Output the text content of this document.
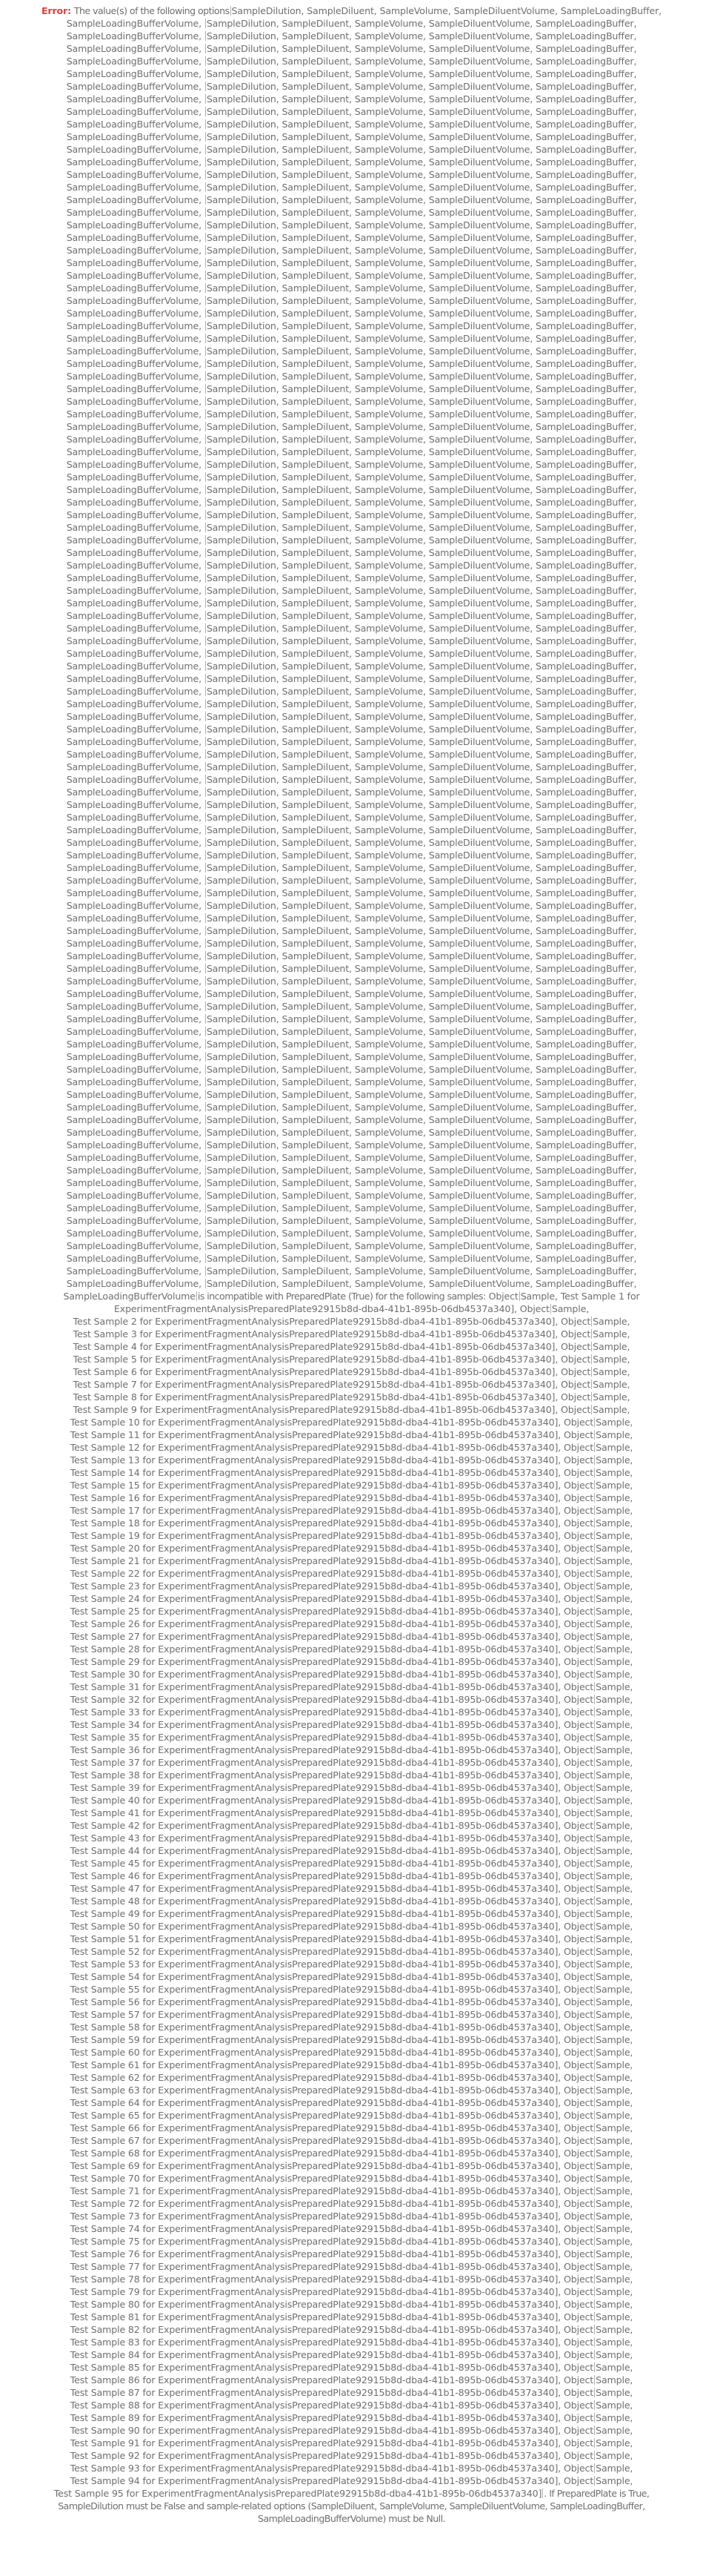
Error: The value(s) of the following options SampleDilution, SampleDiluent, SampleVolume, SampleDiluentVolume, SampleLoadingBuffer,
SampleLoadingBufferVolume, SampleDilution, SampleDiluent, SampleVolume, SampleDiluentVolume, SampleLoadingBuffer,
SampleLoadingBufferVolume, SampleDilution, SampleDiluent, SampleVolume, SampleDiluentVolume, SampleLoadingBuffer,
SampleLoadingBufferVolume, SampleDilution, SampleDiluent, SampleVolume, SampleDiluentVolume, SampleLoadingBuffer,
SampleLoadingBufferVolume, SampleDilution, SampleDiluent, SampleVolume, SampleDiluentVolume, SampleLoadingBuffer,
SampleLoadingBufferVolume, SampleDilution, SampleDiluent, SampleVolume, SampleDiluentVolume, SampleLoadingBuffer,
SampleLoadingBufferVolume, SampleDilution, SampleDiluent, SampleVolume, SampleDiluentVolume, SampleLoadingBuffer,
SampleLoadingBufferVolume, SampleDilution, SampleDiluent, SampleVolume, SampleDiluentVolume, SampleLoadingBuffer,
SampleLoadingBufferVolume, SampleDilution, SampleDiluent, SampleVolume, SampleDiluentVolume, SampleLoadingBuffer,
SampleLoadingBufferVolume, SampleDilution, SampleDiluent, SampleVolume, SampleDiluentVolume, SampleLoadingBuffer,
SampleLoadingBufferVolume, SampleDilution, SampleDiluent, SampleVolume, SampleDiluentVolume, SampleLoadingBuffer,
SampleLoadingBufferVolume, SampleDilution, SampleDiluent, SampleVolume, SampleDiluentVolume, SampleLoadingBuffer,
SampleLoadingBufferVolume, SampleDilution, SampleDiluent, SampleVolume, SampleDiluentVolume, SampleLoadingBuffer,
SampleLoadingBufferVolume, SampleDilution, SampleDiluent, SampleVolume, SampleDiluentVolume, SampleLoadingBuffer,
SampleLoadingBufferVolume, SampleDilution, SampleDiluent, SampleVolume, SampleDiluentVolume, SampleLoadingBuffer,
SampleLoadingBufferVolume, SampleDilution, SampleDiluent, SampleVolume, SampleDiluentVolume, SampleLoadingBuffer,
SampleLoadingBufferVolume, SampleDilution, SampleDiluent, SampleVolume, SampleDiluentVolume, SampleLoadingBuffer,
SampleLoadingBufferVolume, SampleDilution, SampleDiluent, SampleVolume, SampleDiluentVolume, SampleLoadingBuffer,
SampleLoadingBufferVolume, SampleDilution, SampleDiluent, SampleVolume, SampleDiluentVolume, SampleLoadingBuffer,
SampleLoadingBufferVolume, SampleDilution, SampleDiluent, SampleVolume, SampleDiluentVolume, SampleLoadingBuffer,
SampleLoadingBufferVolume, SampleDilution, SampleDiluent, SampleVolume, SampleDiluentVolume, SampleLoadingBuffer,
SampleLoadingBufferVolume, SampleDilution, SampleDiluent, SampleVolume, SampleDiluentVolume, SampleLoadingBuffer,
SampleLoadingBufferVolume, SampleDilution, SampleDiluent, SampleVolume, SampleDiluentVolume, SampleLoadingBuffer,
SampleLoadingBufferVolume, SampleDilution, SampleDiluent, SampleVolume, SampleDiluentVolume, SampleLoadingBuffer,
SampleLoadingBufferVolume, SampleDilution, SampleDiluent, SampleVolume, SampleDiluentVolume, SampleLoadingBuffer,
SampleLoadingBufferVolume, SampleDilution, SampleDiluent, SampleVolume, SampleDiluentVolume, SampleLoadingBuffer,
SampleLoadingBufferVolume, SampleDilution, SampleDiluent, SampleVolume, SampleDiluentVolume, SampleLoadingBuffer,
SampleLoadingBufferVolume, SampleDilution, SampleDiluent, SampleVolume, SampleDiluentVolume, SampleLoadingBuffer,
SampleLoadingBufferVolume, SampleDilution, SampleDiluent, SampleVolume, SampleDiluentVolume, SampleLoadingBuffer,
SampleLoadingBufferVolume, SampleDilution, SampleDiluent, SampleVolume, SampleDiluentVolume, SampleLoadingBuffer,
SampleLoadingBufferVolume, SampleDilution, SampleDiluent, SampleVolume, SampleDiluentVolume, SampleLoadingBuffer,
SampleLoadingBufferVolume, SampleDilution, SampleDiluent, SampleVolume, SampleDiluentVolume, SampleLoadingBuffer,
SampleLoadingBufferVolume, SampleDilution, SampleDiluent, SampleVolume, SampleDiluentVolume, SampleLoadingBuffer,
SampleLoadingBufferVolume, SampleDilution, SampleDiluent, SampleVolume, SampleDiluentVolume, SampleLoadingBuffer,
SampleLoadingBufferVolume, SampleDilution, SampleDiluent, SampleVolume, SampleDiluentVolume, SampleLoadingBuffer,
SampleLoadingBufferVolume, SampleDilution, SampleDiluent, SampleVolume, SampleDiluentVolume, SampleLoadingBuffer,
SampleLoadingBufferVolume, SampleDilution, SampleDiluent, SampleVolume, SampleDiluentVolume, SampleLoadingBuffer,
SampleLoadingBufferVolume, SampleDilution, SampleDiluent, SampleVolume, SampleDiluentVolume, SampleLoadingBuffer,
SampleLoadingBufferVolume, SampleDilution, SampleDiluent, SampleVolume, SampleDiluentVolume, SampleLoadingBuffer,
SampleLoadingBufferVolume, SampleDilution, SampleDiluent, SampleVolume, SampleDiluentVolume, SampleLoadingBuffer,
SampleLoadingBufferVolume, SampleDilution, SampleDiluent, SampleVolume, SampleDiluentVolume, SampleLoadingBuffer,
SampleLoadingBufferVolume, SampleDilution, SampleDiluent, SampleVolume, SampleDiluentVolume, SampleLoadingBuffer,
SampleLoadingBufferVolume, SampleDilution, SampleDiluent, SampleVolume, SampleDiluentVolume, SampleLoadingBuffer,
SampleLoadingBufferVolume, SampleDilution, SampleDiluent, SampleVolume, SampleDiluentVolume, SampleLoadingBuffer,
SampleLoadingBufferVolume, SampleDilution, SampleDiluent, SampleVolume, SampleDiluentVolume, SampleLoadingBuffer,
SampleLoadingBufferVolume, SampleDilution, SampleDiluent, SampleVolume, SampleDiluentVolume, SampleLoadingBuffer,
SampleLoadingBufferVolume, SampleDilution, SampleDiluent, SampleVolume, SampleDiluentVolume, SampleLoadingBuffer,
SampleLoadingBufferVolume, SampleDilution, SampleDiluent, SampleVolume, SampleDiluentVolume, SampleLoadingBuffer,
SampleLoadingBufferVolume, SampleDilution, SampleDiluent, SampleVolume, SampleDiluentVolume, SampleLoadingBuffer,
SampleLoadingBufferVolume, SampleDilution, SampleDiluent, SampleVolume, SampleDiluentVolume, SampleLoadingBuffer,
SampleLoadingBufferVolume, SampleDilution, SampleDiluent, SampleVolume, SampleDiluentVolume, SampleLoadingBuffer,
SampleLoadingBufferVolume, SampleDilution, SampleDiluent, SampleVolume, SampleDiluentVolume, SampleLoadingBuffer,
SampleLoadingBufferVolume, SampleDilution, SampleDiluent, SampleVolume, SampleDiluentVolume, SampleLoadingBuffer,
SampleLoadingBufferVolume, SampleDilution, SampleDiluent, SampleVolume, SampleDiluentVolume, SampleLoadingBuffer,
SampleLoadingBufferVolume, SampleDilution, SampleDiluent, SampleVolume, SampleDiluentVolume, SampleLoadingBuffer,
SampleLoadingBufferVolume, SampleDilution, SampleDiluent, SampleVolume, SampleDiluentVolume, SampleLoadingBuffer,
SampleLoadingBufferVolume, SampleDilution, SampleDiluent, SampleVolume, SampleDiluentVolume, SampleLoadingBuffer,
SampleLoadingBufferVolume, SampleDilution, SampleDiluent, SampleVolume, SampleDiluentVolume, SampleLoadingBuffer,
SampleLoadingBufferVolume, SampleDilution, SampleDiluent, SampleVolume, SampleDiluentVolume, SampleLoadingBuffer,
SampleLoadingBufferVolume, SampleDilution, SampleDiluent, SampleVolume, SampleDiluentVolume, SampleLoadingBuffer,
SampleLoadingBufferVolume, SampleDilution, SampleDiluent, SampleVolume, SampleDiluentVolume, SampleLoadingBuffer,
SampleLoadingBufferVolume, SampleDilution, SampleDiluent, SampleVolume, SampleDiluentVolume, SampleLoadingBuffer,
SampleLoadingBufferVolume, SampleDilution, SampleDiluent, SampleVolume, SampleDiluentVolume, SampleLoadingBuffer,
SampleLoadingBufferVolume, SampleDilution, SampleDiluent, SampleVolume, SampleDiluentVolume, SampleLoadingBuffer,
SampleLoadingBufferVolume, SampleDilution, SampleDiluent, SampleVolume, SampleDiluentVolume, SampleLoadingBuffer,
SampleLoadingBufferVolume, SampleDilution, SampleDiluent, SampleVolume, SampleDiluentVolume, SampleLoadingBuffer,
SampleLoadingBufferVolume, SampleDilution, SampleDiluent, SampleVolume, SampleDiluentVolume, SampleLoadingBuffer,
SampleLoadingBufferVolume, SampleDilution, SampleDiluent, SampleVolume, SampleDiluentVolume, SampleLoadingBuffer,
SampleLoadingBufferVolume, SampleDilution, SampleDiluent, SampleVolume, SampleDiluentVolume, SampleLoadingBuffer,
SampleLoadingBufferVolume, SampleDilution, SampleDiluent, SampleVolume, SampleDiluentVolume, SampleLoadingBuffer,
SampleLoadingBufferVolume, SampleDilution, SampleDiluent, SampleVolume, SampleDiluentVolume, SampleLoadingBuffer,
SampleLoadingBufferVolume, SampleDilution, SampleDiluent, SampleVolume, SampleDiluentVolume, SampleLoadingBuffer,
SampleLoadingBufferVolume, SampleDilution, SampleDiluent, SampleVolume, SampleDiluentVolume, SampleLoadingBuffer,
SampleLoadingBufferVolume, SampleDilution, SampleDiluent, SampleVolume, SampleDiluentVolume, SampleLoadingBuffer,
SampleLoadingBufferVolume, SampleDilution, SampleDiluent, SampleVolume, SampleDiluentVolume, SampleLoadingBuffer,
SampleLoadingBufferVolume, SampleDilution, SampleDiluent, SampleVolume, SampleDiluentVolume, SampleLoadingBuffer,
SampleLoadingBufferVolume, SampleDilution, SampleDiluent, SampleVolume, SampleDiluentVolume, SampleLoadingBuffer,
SampleLoadingBufferVolume, SampleDilution, SampleDiluent, SampleVolume, SampleDiluentVolume, SampleLoadingBuffer,
SampleLoadingBufferVolume, SampleDilution, SampleDiluent, SampleVolume, SampleDiluentVolume, SampleLoadingBuffer,
SampleLoadingBufferVolume, SampleDilution, SampleDiluent, SampleVolume, SampleDiluentVolume, SampleLoadingBuffer,
SampleLoadingBufferVolume, SampleDilution, SampleDiluent, SampleVolume, SampleDiluentVolume, SampleLoadingBuffer,
SampleLoadingBufferVolume, SampleDilution, SampleDiluent, SampleVolume, SampleDiluentVolume, SampleLoadingBuffer,
SampleLoadingBufferVolume, SampleDilution, SampleDiluent, SampleVolume, SampleDiluentVolume, SampleLoadingBuffer,
SampleLoadingBufferVolume, SampleDilution, SampleDiluent, SampleVolume, SampleDiluentVolume, SampleLoadingBuffer,
SampleLoadingBufferVolume, SampleDilution, SampleDiluent, SampleVolume, SampleDiluentVolume, SampleLoadingBuffer,
SampleLoadingBufferVolume, SampleDilution, SampleDiluent, SampleVolume, SampleDiluentVolume, SampleLoadingBuffer,
SampleLoadingBufferVolume, SampleDilution, SampleDiluent, SampleVolume, SampleDiluentVolume, SampleLoadingBuffer,
SampleLoadingBufferVolume, SampleDilution, SampleDiluent, SampleVolume, SampleDiluentVolume, SampleLoadingBuffer,
SampleLoadingBufferVolume, SampleDilution, SampleDiluent, SampleVolume, SampleDiluentVolume, SampleLoadingBuffer,
SampleLoadingBufferVolume, SampleDilution, SampleDiluent, SampleVolume, SampleDiluentVolume, SampleLoadingBuffer,
SampleLoadingBufferVolume, SampleDilution, SampleDiluent, SampleVolume, SampleDiluentVolume, SampleLoadingBuffer,
SampleLoadingBufferVolume, SampleDilution, SampleDiluent, SampleVolume, SampleDiluentVolume, SampleLoadingBuffer,
SampleLoadingBufferVolume, SampleDilution, SampleDiluent, SampleVolume, SampleDiluentVolume, SampleLoadingBuffer,
SampleLoadingBufferVolume, SampleDilution, SampleDiluent, SampleVolume, SampleDiluentVolume, SampleLoadingBuffer,
SampleLoadingBufferVolume, SampleDilution, SampleDiluent, SampleVolume, SampleDiluentVolume, SampleLoadingBuffer,
SampleLoadingBufferVolume, SampleDilution, SampleDiluent, SampleVolume, SampleDiluentVolume, SampleLoadingBuffer,
SampleLoadingBufferVolume, SampleDilution, SampleDiluent, SampleVolume, SampleDiluentVolume, SampleLoadingBuffer,
SampleLoadingBufferVolume, SampleDilution, SampleDiluent, SampleVolume, SampleDiluentVolume, SampleLoadingBuffer,
SampleLoadingBufferVolume, SampleDilution, SampleDiluent, SampleVolume, SampleDiluentVolume, SampleLoadingBuffer,
SampleLoadingBufferVolume, SampleDilution, SampleDiluent, SampleVolume, SampleDiluentVolume, SampleLoadingBuffer,
SampleLoadingBufferVolume, SampleDilution, SampleDiluent, SampleVolume, SampleDiluentVolume, SampleLoadingBuffer,
SampleLoadingBufferVolume, SampleDilution, SampleDiluent, SampleVolume, SampleDiluentVolume, SampleLoadingBuffer,
SampleLoadingBufferVolume is incompatible with PreparedPlate (True) for the following samples: Object Sample, Test Sample 1 for
ExperimentFragmentAnalysisPreparedPlate92915b8d-dba4-41b1-895b-06db4537a340], Object Sample,
Test Sample 2 for ExperimentFragmentAnalysisPreparedPlate92915b8d-dba4-41b1-895b-06db4537a340], Object Sample,
Test Sample 3 for ExperimentFragmentAnalysisPreparedPlate92915b8d-dba4-41b1-895b-06db4537a340], Object Sample,
Test Sample 4 for ExperimentFragmentAnalysisPreparedPlate92915b8d-dba4-41b1-895b-06db4537a340], Object Sample,
Test Sample 5 for ExperimentFragmentAnalysisPreparedPlate92915b8d-dba4-41b1-895b-06db4537a340], Object Sample,
Test Sample 6 for ExperimentFragmentAnalysisPreparedPlate92915b8d-dba4-41b1-895b-06db4537a340], Object Sample,
Test Sample 7 for ExperimentFragmentAnalysisPreparedPlate92915b8d-dba4-41b1-895b-06db4537a340], Object Sample,
Test Sample 8 for ExperimentFragmentAnalysisPreparedPlate92915b8d-dba4-41b1-895b-06db4537a340], Object Sample,
Test Sample 9 for ExperimentFragmentAnalysisPreparedPlate92915b8d-dba4-41b1-895b-06db4537a340], Object Sample,
Test Sample 10 for ExperimentFragmentAnalysisPreparedPlate92915b8d-dba4-41b1-895b-06db4537a340], Object Sample,
Test Sample 11 for ExperimentFragmentAnalysisPreparedPlate92915b8d-dba4-41b1-895b-06db4537a340], Object Sample,
Test Sample 12 for ExperimentFragmentAnalysisPreparedPlate92915b8d-dba4-41b1-895b-06db4537a340], Object Sample,
Test Sample 13 for ExperimentFragmentAnalysisPreparedPlate92915b8d-dba4-41b1-895b-06db4537a340], Object Sample,
Test Sample 14 for ExperimentFragmentAnalysisPreparedPlate92915b8d-dba4-41b1-895b-06db4537a340], Object Sample,
Test Sample 15 for ExperimentFragmentAnalysisPreparedPlate92915b8d-dba4-41b1-895b-06db4537a340], Object Sample,
Test Sample 16 for ExperimentFragmentAnalysisPreparedPlate92915b8d-dba4-41b1-895b-06db4537a340], Object Sample,
Test Sample 17 for ExperimentFragmentAnalysisPreparedPlate92915b8d-dba4-41b1-895b-06db4537a340], Object Sample,
Test Sample 18 for ExperimentFragmentAnalysisPreparedPlate92915b8d-dba4-41b1-895b-06db4537a340], Object Sample,
Test Sample 19 for ExperimentFragmentAnalysisPreparedPlate92915b8d-dba4-41b1-895b-06db4537a340], Object Sample,
Test Sample 20 for ExperimentFragmentAnalysisPreparedPlate92915b8d-dba4-41b1-895b-06db4537a340], Object Sample,
Test Sample 21 for ExperimentFragmentAnalysisPreparedPlate92915b8d-dba4-41b1-895b-06db4537a340], Object Sample,
Test Sample 22 for ExperimentFragmentAnalysisPreparedPlate92915b8d-dba4-41b1-895b-06db4537a340], Object Sample,
Test Sample 23 for ExperimentFragmentAnalysisPreparedPlate92915b8d-dba4-41b1-895b-06db4537a340], Object Sample,
Test Sample 24 for ExperimentFragmentAnalysisPreparedPlate92915b8d-dba4-41b1-895b-06db4537a340], Object Sample,
Test Sample 25 for ExperimentFragmentAnalysisPreparedPlate92915b8d-dba4-41b1-895b-06db4537a340], Object Sample,
Test Sample 26 for ExperimentFragmentAnalysisPreparedPlate92915b8d-dba4-41b1-895b-06db4537a340], Object Sample,
Test Sample 27 for ExperimentFragmentAnalysisPreparedPlate92915b8d-dba4-41b1-895b-06db4537a340], Object Sample,
Test Sample 28 for ExperimentFragmentAnalysisPreparedPlate92915b8d-dba4-41b1-895b-06db4537a340], Object Sample,
Test Sample 29 for ExperimentFragmentAnalysisPreparedPlate92915b8d-dba4-41b1-895b-06db4537a340], Object Sample,
Test Sample 30 for ExperimentFragmentAnalysisPreparedPlate92915b8d-dba4-41b1-895b-06db4537a340], Object Sample,
Test Sample 31 for ExperimentFragmentAnalysisPreparedPlate92915b8d-dba4-41b1-895b-06db4537a340], Object Sample,
Test Sample 32 for ExperimentFragmentAnalysisPreparedPlate92915b8d-dba4-41b1-895b-06db4537a340], Object Sample,
Test Sample 33 for ExperimentFragmentAnalysisPreparedPlate92915b8d-dba4-41b1-895b-06db4537a340], Object Sample,
Test Sample 34 for ExperimentFragmentAnalysisPreparedPlate92915b8d-dba4-41b1-895b-06db4537a340], Object Sample,
Test Sample 35 for ExperimentFragmentAnalysisPreparedPlate92915b8d-dba4-41b1-895b-06db4537a340], Object Sample,
Test Sample 36 for ExperimentFragmentAnalysisPreparedPlate92915b8d-dba4-41b1-895b-06db4537a340], Object Sample,
Test Sample 37 for ExperimentFragmentAnalysisPreparedPlate92915b8d-dba4-41b1-895b-06db4537a340], Object Sample,
Test Sample 38 for ExperimentFragmentAnalysisPreparedPlate92915b8d-dba4-41b1-895b-06db4537a340], Object Sample,
Test Sample 39 for ExperimentFragmentAnalysisPreparedPlate92915b8d-dba4-41b1-895b-06db4537a340], Object Sample,
Test Sample 40 for ExperimentFragmentAnalysisPreparedPlate92915b8d-dba4-41b1-895b-06db4537a340], Object Sample,
Test Sample 41 for ExperimentFragmentAnalysisPreparedPlate92915b8d-dba4-41b1-895b-06db4537a340], Object Sample,
Test Sample 42 for ExperimentFragmentAnalysisPreparedPlate92915b8d-dba4-41b1-895b-06db4537a340], Object Sample,
Test Sample 43 for ExperimentFragmentAnalysisPreparedPlate92915b8d-dba4-41b1-895b-06db4537a340], Object Sample,
Test Sample 44 for ExperimentFragmentAnalysisPreparedPlate92915b8d-dba4-41b1-895b-06db4537a340], Object Sample,
Test Sample 45 for ExperimentFragmentAnalysisPreparedPlate92915b8d-dba4-41b1-895b-06db4537a340], Object Sample,
Test Sample 46 for ExperimentFragmentAnalysisPreparedPlate92915b8d-dba4-41b1-895b-06db4537a340], Object Sample,
Test Sample 47 for ExperimentFragmentAnalysisPreparedPlate92915b8d-dba4-41b1-895b-06db4537a340], Object Sample,
Test Sample 48 for ExperimentFragmentAnalysisPreparedPlate92915b8d-dba4-41b1-895b-06db4537a340], Object Sample,
Test Sample 49 for ExperimentFragmentAnalysisPreparedPlate92915b8d-dba4-41b1-895b-06db4537a340], Object Sample,
Test Sample 50 for ExperimentFragmentAnalysisPreparedPlate92915b8d-dba4-41b1-895b-06db4537a340], Object Sample,
Test Sample 51 for ExperimentFragmentAnalysisPreparedPlate92915b8d-dba4-41b1-895b-06db4537a340], Object Sample,
Test Sample 52 for ExperimentFragmentAnalysisPreparedPlate92915b8d-dba4-41b1-895b-06db4537a340], Object Sample,
Test Sample 53 for ExperimentFragmentAnalysisPreparedPlate92915b8d-dba4-41b1-895b-06db4537a340], Object Sample,
Test Sample 54 for ExperimentFragmentAnalysisPreparedPlate92915b8d-dba4-41b1-895b-06db4537a340], Object Sample,
Test Sample 55 for ExperimentFragmentAnalysisPreparedPlate92915b8d-dba4-41b1-895b-06db4537a340], Object Sample,
Test Sample 56 for ExperimentFragmentAnalysisPreparedPlate92915b8d-dba4-41b1-895b-06db4537a340], Object Sample,
Test Sample 57 for ExperimentFragmentAnalysisPreparedPlate92915b8d-dba4-41b1-895b-06db4537a340], Object Sample,
Test Sample 58 for ExperimentFragmentAnalysisPreparedPlate92915b8d-dba4-41b1-895b-06db4537a340], Object Sample,
Test Sample 59 for ExperimentFragmentAnalysisPreparedPlate92915b8d-dba4-41b1-895b-06db4537a340], Object Sample,
Test Sample 60 for ExperimentFragmentAnalysisPreparedPlate92915b8d-dba4-41b1-895b-06db4537a340], Object Sample,
Test Sample 61 for ExperimentFragmentAnalysisPreparedPlate92915b8d-dba4-41b1-895b-06db4537a340], Object Sample,
Test Sample 62 for ExperimentFragmentAnalysisPreparedPlate92915b8d-dba4-41b1-895b-06db4537a340], Object Sample,
Test Sample 63 for ExperimentFragmentAnalysisPreparedPlate92915b8d-dba4-41b1-895b-06db4537a340], Object Sample,
Test Sample 64 for ExperimentFragmentAnalysisPreparedPlate92915b8d-dba4-41b1-895b-06db4537a340], Object Sample,
Test Sample 65 for ExperimentFragmentAnalysisPreparedPlate92915b8d-dba4-41b1-895b-06db4537a340], Object Sample,
Test Sample 66 for ExperimentFragmentAnalysisPreparedPlate92915b8d-dba4-41b1-895b-06db4537a340], Object Sample,
Test Sample 67 for ExperimentFragmentAnalysisPreparedPlate92915b8d-dba4-41b1-895b-06db4537a340], Object Sample,
Test Sample 68 for ExperimentFragmentAnalysisPreparedPlate92915b8d-dba4-41b1-895b-06db4537a340], Object Sample,
Test Sample 69 for ExperimentFragmentAnalysisPreparedPlate92915b8d-dba4-41b1-895b-06db4537a340], Object Sample,
Test Sample 70 for ExperimentFragmentAnalysisPreparedPlate92915b8d-dba4-41b1-895b-06db4537a340], Object Sample,
Test Sample 71 for ExperimentFragmentAnalysisPreparedPlate92915b8d-dba4-41b1-895b-06db4537a340], Object Sample,
Test Sample 72 for ExperimentFragmentAnalysisPreparedPlate92915b8d-dba4-41b1-895b-06db4537a340], Object Sample,
Test Sample 73 for ExperimentFragmentAnalysisPreparedPlate92915b8d-dba4-41b1-895b-06db4537a340], Object Sample,
Test Sample 74 for ExperimentFragmentAnalysisPreparedPlate92915b8d-dba4-41b1-895b-06db4537a340], Object Sample,
Test Sample 75 for ExperimentFragmentAnalysisPreparedPlate92915b8d-dba4-41b1-895b-06db4537a340], Object Sample,
Test Sample 76 for ExperimentFragmentAnalysisPreparedPlate92915b8d-dba4-41b1-895b-06db4537a340], Object Sample,
Test Sample 77 for ExperimentFragmentAnalysisPreparedPlate92915b8d-dba4-41b1-895b-06db4537a340], Object Sample,
Test Sample 78 for ExperimentFragmentAnalysisPreparedPlate92915b8d-dba4-41b1-895b-06db4537a340], Object Sample,
Test Sample 79 for ExperimentFragmentAnalysisPreparedPlate92915b8d-dba4-41b1-895b-06db4537a340], Object Sample,
Test Sample 80 for ExperimentFragmentAnalysisPreparedPlate92915b8d-dba4-41b1-895b-06db4537a340], Object Sample,
Test Sample 81 for ExperimentFragmentAnalysisPreparedPlate92915b8d-dba4-41b1-895b-06db4537a340], Object Sample,
Test Sample 82 for ExperimentFragmentAnalysisPreparedPlate92915b8d-dba4-41b1-895b-06db4537a340], Object Sample,
Test Sample 83 for ExperimentFragmentAnalysisPreparedPlate92915b8d-dba4-41b1-895b-06db4537a340], Object Sample,
Test Sample 84 for ExperimentFragmentAnalysisPreparedPlate92915b8d-dba4-41b1-895b-06db4537a340], Object Sample,
Test Sample 85 for ExperimentFragmentAnalysisPreparedPlate92915b8d-dba4-41b1-895b-06db4537a340], Object Sample,
Test Sample 86 for ExperimentFragmentAnalysisPreparedPlate92915b8d-dba4-41b1-895b-06db4537a340], Object Sample,
Test Sample 87 for ExperimentFragmentAnalysisPreparedPlate92915b8d-dba4-41b1-895b-06db4537a340], Object Sample,
Test Sample 88 for ExperimentFragmentAnalysisPreparedPlate92915b8d-dba4-41b1-895b-06db4537a340], Object Sample,
Test Sample 89 for ExperimentFragmentAnalysisPreparedPlate92915b8d-dba4-41b1-895b-06db4537a340], Object Sample,
Test Sample 90 for ExperimentFragmentAnalysisPreparedPlate92915b8d-dba4-41b1-895b-06db4537a340], Object Sample,
Test Sample 91 for ExperimentFragmentAnalysisPreparedPlate92915b8d-dba4-41b1-895b-06db4537a340], Object Sample,
Test Sample 92 for ExperimentFragmentAnalysisPreparedPlate92915b8d-dba4-41b1-895b-06db4537a340], Object Sample,
Test Sample 93 for ExperimentFragmentAnalysisPreparedPlate92915b8d-dba4-41b1-895b-06db4537a340], Object Sample,
Test Sample 94 for ExperimentFragmentAnalysisPreparedPlate92915b8d-dba4-41b1-895b-06db4537a340], Object Sample,
Test Sample 95 for ExperimentFragmentAnalysisPreparedPlate92915b8d-dba4-41b1-895b-06db4537a340] . If PreparedPlate is True,
SampleDilution must be False and sample-related options (SampleDiluent, SampleVolume, SampleDiluentVolume, SampleLoadingBuffer,
SampleLoadingBufferVolume) must be Null.
